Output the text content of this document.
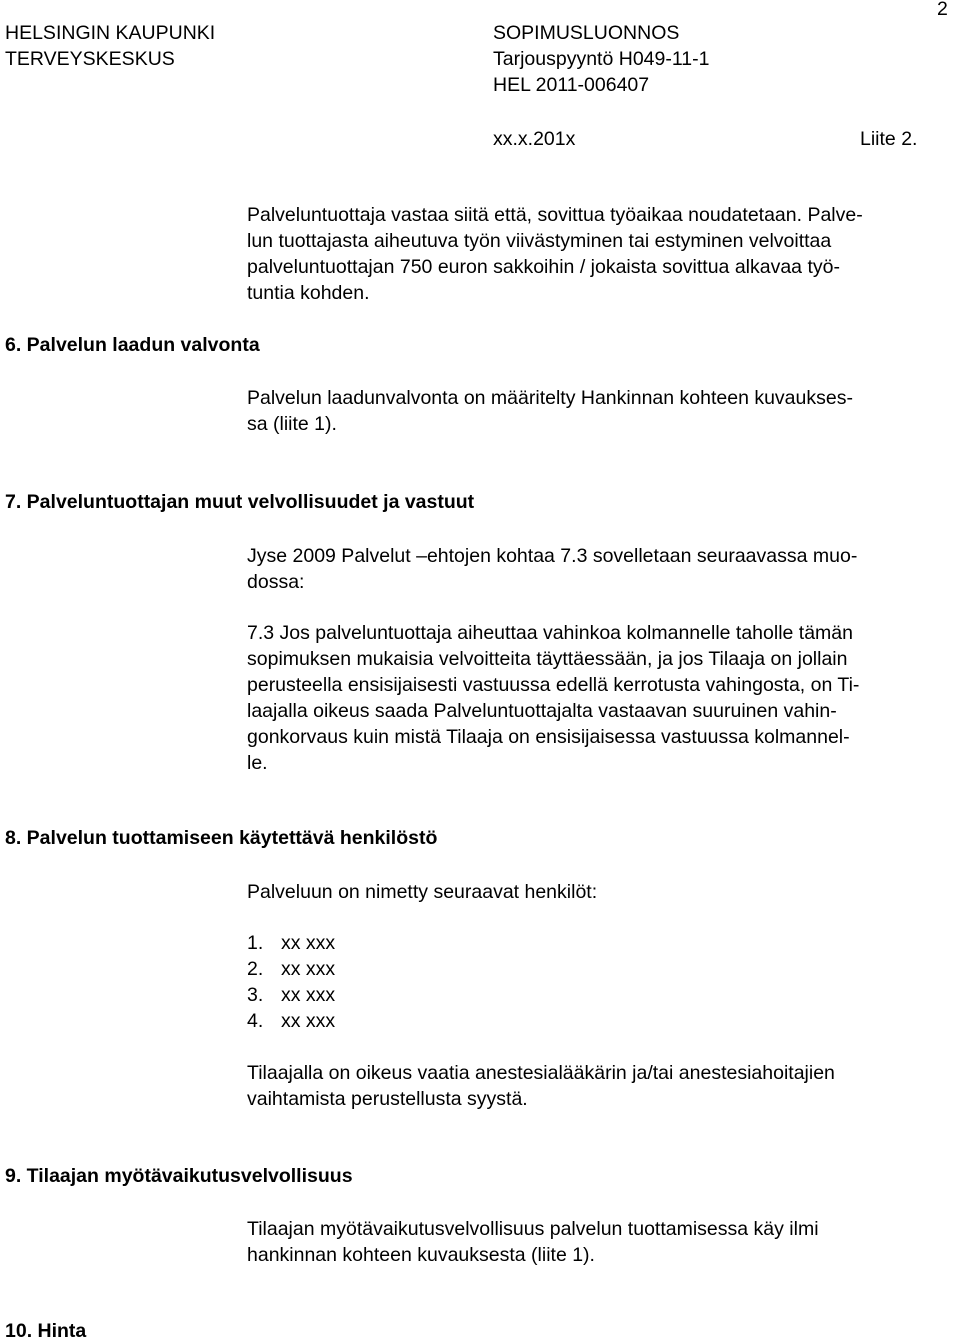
2
HELSINGIN KAUPUNKI
TERVEYSKESKUS
SOPIMUSLUONNOS
Tarjouspyyntö H049-11-1
HEL 2011-006407
xx.x.201x	Liite 2.
Palveluntuottaja vastaa siitä että, sovittua työaikaa noudatetaan. Palve-
lun tuottajasta aiheutuva työn viivästyminen tai estyminen velvoittaa
palveluntuottajan 750 euron sakkoihin / jokaista sovittua alkavaa työ-
tuntia kohden.
6. Palvelun laadun valvonta
Palvelun laadunvalvonta on määritelty Hankinnan kohteen kuvaukses-
sa (liite 1).
7. Palveluntuottajan muut velvollisuudet ja vastuut
Jyse 2009 Palvelut –ehtojen kohtaa 7.3 sovelletaan seuraavassa muo-
dossa:
7.3 Jos palveluntuottaja aiheuttaa vahinkoa kolmannelle taholle tämän
sopimuksen mukaisia velvoitteita täyttäessään, ja jos Tilaaja on jollain
perusteella ensisijaisesti vastuussa edellä kerrotusta vahingosta, on Ti-
laajalla oikeus saada Palveluntuottajalta vastaavan suuruinen vahin-
gonkorvaus kuin mistä Tilaaja on ensisijaisessa vastuussa kolmannel-
le.
8. Palvelun tuottamiseen käytettävä henkilöstö
Palveluun on nimetty seuraavat henkilöt:
1. xx xxx
2. xx xxx
3. xx xxx
4. xx xxx
Tilaajalla on oikeus vaatia anestesialääkärin ja/tai anestesiahoitajien
vaihtamista perustellusta syystä.
9. Tilaajan myötävaikutusvelvollisuus
Tilaajan myötävaikutusvelvollisuus palvelun tuottamisessa käy ilmi
hankinnan kohteen kuvauksesta (liite 1).
10. Hinta
